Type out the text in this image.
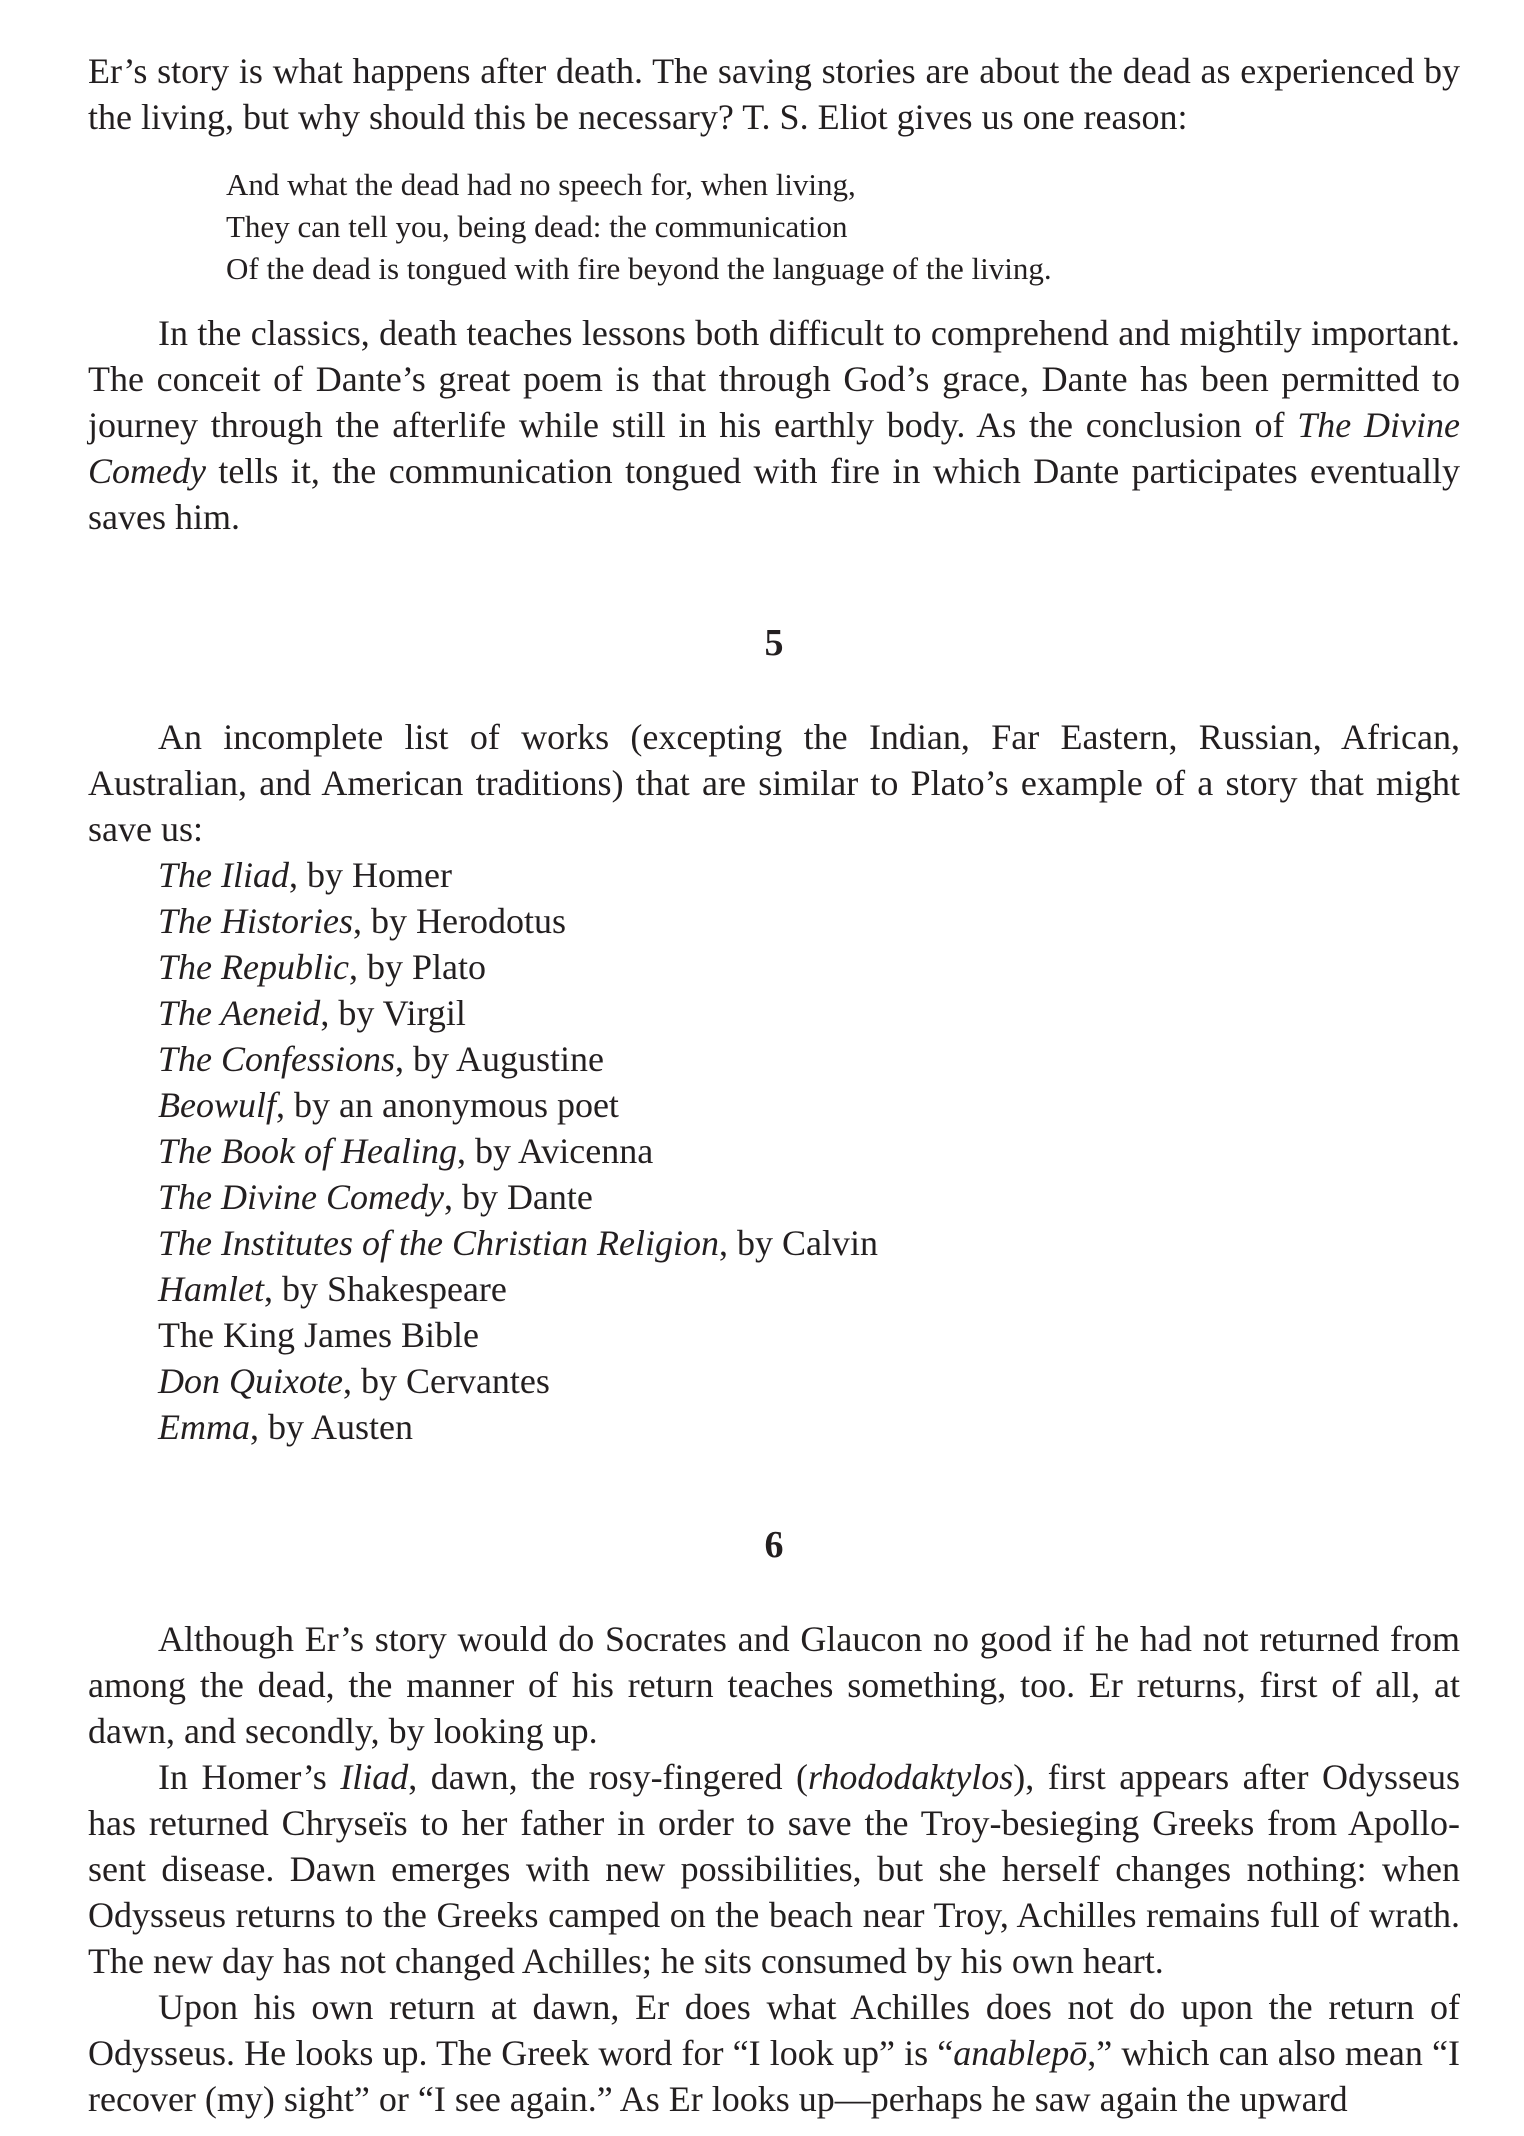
Er’s story is what happens after death. The saving stories are about the dead as experienced by the living, but why should this be necessary? T. S. Eliot gives us one reason:

And what the dead had no speech for, when living,
They can tell you, being dead: the communication
Of the dead is tongued with fire beyond the language of the living.

In the classics, death teaches lessons both difficult to comprehend and mightily important. The conceit of Dante’s great poem is that through God’s grace, Dante has been permitted to journey through the afterlife while still in his earthly body. As the conclusion of The Divine Comedy tells it, the communication tongued with fire in which Dante participates eventually saves him.

5

An incomplete list of works (excepting the Indian, Far Eastern, Russian, African, Australian, and American traditions) that are similar to Plato’s example of a story that might save us:

The Iliad, by Homer
The Histories, by Herodotus
The Republic, by Plato
The Aeneid, by Virgil
The Confessions, by Augustine
Beowulf, by an anonymous poet
The Book of Healing, by Avicenna
The Divine Comedy, by Dante
The Institutes of the Christian Religion, by Calvin
Hamlet, by Shakespeare
The King James Bible
Don Quixote, by Cervantes
Emma, by Austen
6

Although Er’s story would do Socrates and Glaucon no good if he had not returned from among the dead, the manner of his return teaches something, too. Er returns, first of all, at dawn, and secondly, by looking up.

In Homer’s Iliad, dawn, the rosy-fingered (rhododaktylos), first appears after Odysseus has returned Chryseïs to her father in order to save the Troy-besieging Greeks from Apollo-sent disease. Dawn emerges with new possibilities, but she herself changes nothing: when Odysseus returns to the Greeks camped on the beach near Troy, Achilles remains full of wrath. The new day has not changed Achilles; he sits consumed by his own heart.

Upon his own return at dawn, Er does what Achilles does not do upon the return of Odysseus. He looks up. The Greek word for “I look up” is “anablepō,” which can also mean “I recover (my) sight” or “I see again.” As Er looks up—perhaps he saw again the upward
